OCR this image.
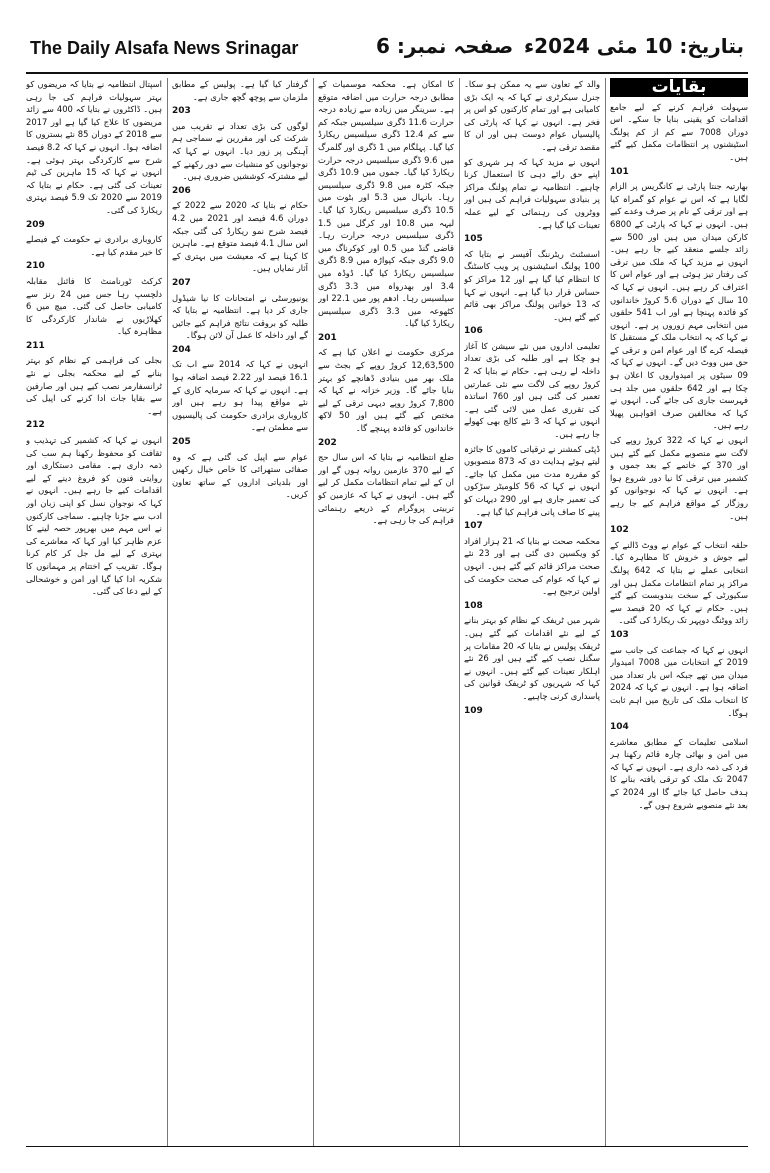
The Daily Alsafa News Srinagar	صفحہ نمبر: 6 بتاریخ: 10 مئی 2024ء
بقایات
سہولت فراہم کرنے کے لیے جامع اقدامات کو یقینی بنایا جا سکے۔ اس دوران 7008 سے کم از کم پولنگ اسٹیشنوں پر انتظامات مکمل کیے گئے ہیں۔
101
بھارتیہ جنتا پارٹی نے کانگریس پر الزام لگایا ہے کہ اس نے عوام کو گمراہ کیا ہے اور ترقی کے نام پر صرف وعدے کیے ہیں۔ انہوں نے کہا کہ پارٹی کے 6800 کارکن میدان میں ہیں اور 500 سے زائد جلسے منعقد کیے جا رہے ہیں۔ انہوں نے مزید کہا کہ ملک میں ترقی کی رفتار تیز ہوئی ہے اور عوام اس کا اعتراف کر رہے ہیں۔ انہوں نے کہا کہ 10 سال کے دوران 5.6 کروڑ خاندانوں کو فائدہ پہنچا ہے اور اب 541 حلقوں میں انتخابی مہم زوروں پر ہے۔ انہوں نے کہا کہ یہ انتخاب ملک کے مستقبل کا فیصلہ کرے گا اور عوام امن و ترقی کے حق میں ووٹ دیں گے۔ انہوں نے کہا کہ 09 سیٹوں پر امیدواروں کا اعلان ہو چکا ہے اور 642 حلقوں میں جلد ہی فہرست جاری کی جائے گی۔ انہوں نے کہا کہ مخالفین صرف افواہیں پھیلا رہے ہیں۔
انہوں نے کہا کہ 322 کروڑ روپے کی لاگت سے منصوبے مکمل کیے گئے ہیں اور 370 کے خاتمے کے بعد جموں و کشمیر میں ترقی کا نیا دور شروع ہوا ہے۔ انہوں نے کہا کہ نوجوانوں کو روزگار کے مواقع فراہم کیے جا رہے ہیں۔
102
حلقہ انتخاب کے عوام نے ووٹ ڈالنے کے لیے جوش و خروش کا مظاہرہ کیا۔ انتخابی عملے نے بتایا کہ 642 پولنگ مراکز پر تمام انتظامات مکمل ہیں اور سکیورٹی کے سخت بندوبست کیے گئے ہیں۔ حکام نے کہا کہ 20 فیصد سے زائد ووٹنگ دوپہر تک ریکارڈ کی گئی۔
103
انہوں نے کہا کہ جماعت کی جانب سے 2019 کے انتخابات میں 7008 امیدوار میدان میں تھے جبکہ اس بار تعداد میں اضافہ ہوا ہے۔ انہوں نے کہا کہ 2024 کا انتخاب ملک کی تاریخ میں اہم ثابت ہوگا۔
104
اسلامی تعلیمات کے مطابق معاشرے میں امن و بھائی چارہ قائم رکھنا ہر فرد کی ذمہ داری ہے۔ انہوں نے کہا کہ 2047 تک ملک کو ترقی یافتہ بنانے کا ہدف حاصل کیا جائے گا اور 2024 کے بعد نئے منصوبے شروع ہوں گے۔
والد کے تعاون سے یہ ممکن ہو سکا۔ جنرل سیکرٹری نے کہا کہ یہ ایک بڑی کامیابی ہے اور تمام کارکنوں کو اس پر فخر ہے۔ انہوں نے کہا کہ پارٹی کی پالیسیاں عوام دوست ہیں اور ان کا مقصد ترقی ہے۔
انہوں نے مزید کہا کہ ہر شہری کو اپنے حق رائے دہی کا استعمال کرنا چاہیے۔ انتظامیہ نے تمام پولنگ مراکز پر بنیادی سہولیات فراہم کی ہیں اور ووٹروں کی رہنمائی کے لیے عملہ تعینات کیا گیا ہے۔
105
اسسٹنٹ ریٹرننگ آفیسر نے بتایا کہ 100 پولنگ اسٹیشنوں پر ویب کاسٹنگ کا انتظام کیا گیا ہے اور 12 مراکز کو حساس قرار دیا گیا ہے۔ انہوں نے کہا کہ 13 خواتین پولنگ مراکز بھی قائم کیے گئے ہیں۔
106
تعلیمی اداروں میں نئے سیشن کا آغاز ہو چکا ہے اور طلبہ کی بڑی تعداد داخلہ لے رہی ہے۔ حکام نے بتایا کہ 2 کروڑ روپے کی لاگت سے نئی عمارتیں تعمیر کی گئی ہیں اور 760 اساتذہ کی تقرری عمل میں لائی گئی ہے۔ انہوں نے کہا کہ 3 نئے کالج بھی کھولے جا رہے ہیں۔
ڈپٹی کمشنر نے ترقیاتی کاموں کا جائزہ لیتے ہوئے ہدایت دی کہ 873 منصوبوں کو مقررہ مدت میں مکمل کیا جائے۔ انہوں نے کہا کہ 56 کلومیٹر سڑکوں کی تعمیر جاری ہے اور 290 دیہات کو پینے کا صاف پانی فراہم کیا گیا ہے۔
107
محکمہ صحت نے بتایا کہ 21 ہزار افراد کو ویکسین دی گئی ہے اور 23 نئے صحت مراکز قائم کیے گئے ہیں۔ انہوں نے کہا کہ عوام کی صحت حکومت کی اولین ترجیح ہے۔
108
شہر میں ٹریفک کے نظام کو بہتر بنانے کے لیے نئے اقدامات کیے گئے ہیں۔ ٹریفک پولیس نے بتایا کہ 20 مقامات پر سگنل نصب کیے گئے ہیں اور 26 نئے اہلکار تعینات کیے گئے ہیں۔ انہوں نے کہا کہ شہریوں کو ٹریفک قوانین کی پاسداری کرنی چاہیے۔
109
کا امکان ہے۔ محکمہ موسمیات کے مطابق درجہ حرارت میں اضافہ متوقع ہے۔ سرینگر میں زیادہ سے زیادہ درجہ حرارت 11.6 ڈگری سیلسیس جبکہ کم سے کم 12.4 ڈگری سیلسیس ریکارڈ کیا گیا۔ پہلگام میں 1 ڈگری اور گلمرگ میں 9.6 ڈگری سیلسیس درجہ حرارت ریکارڈ کیا گیا۔ جموں میں 10.9 ڈگری جبکہ کٹرہ میں 9.8 ڈگری سیلسیس رہا۔ بانہال میں 5.3 اور بٹوت میں 10.5 ڈگری سیلسیس ریکارڈ کیا گیا۔ لیہہ میں 10.8 اور کرگل میں 1.5 ڈگری سیلسیس درجہ حرارت رہا۔ قاضی گنڈ میں 0.5 اور کوکرناگ میں 9.0 ڈگری جبکہ کپواڑہ میں 8.9 ڈگری سیلسیس ریکارڈ کیا گیا۔ ڈوڈہ میں 3.4 اور بھدرواہ میں 3.3 ڈگری سیلسیس رہا۔ ادھم پور میں 22.1 اور کٹھوعہ میں 3.3 ڈگری سیلسیس ریکارڈ کیا گیا۔
201
مرکزی حکومت نے اعلان کیا ہے کہ 12,63,500 کروڑ روپے کے بجٹ سے ملک بھر میں بنیادی ڈھانچے کو بہتر بنایا جائے گا۔ وزیر خزانہ نے کہا کہ 7,800 کروڑ روپے دیہی ترقی کے لیے مختص کیے گئے ہیں اور 50 لاکھ خاندانوں کو فائدہ پہنچے گا۔
202
ضلع انتظامیہ نے بتایا کہ اس سال حج کے لیے 370 عازمین روانہ ہوں گے اور ان کے لیے تمام انتظامات مکمل کر لیے گئے ہیں۔ انہوں نے کہا کہ عازمین کو تربیتی پروگرام کے ذریعے رہنمائی فراہم کی جا رہی ہے۔
گرفتار کیا گیا ہے۔ پولیس کے مطابق ملزمان سے پوچھ گچھ جاری ہے۔
203
لوگوں کی بڑی تعداد نے تقریب میں شرکت کی اور مقررین نے سماجی ہم آہنگی پر زور دیا۔ انہوں نے کہا کہ نوجوانوں کو منشیات سے دور رکھنے کے لیے مشترکہ کوششیں ضروری ہیں۔
206
حکام نے بتایا کہ 2020 سے 2022 کے دوران 4.6 فیصد اور 2021 میں 4.2 فیصد شرح نمو ریکارڈ کی گئی جبکہ اس سال 4.1 فیصد متوقع ہے۔ ماہرین کا کہنا ہے کہ معیشت میں بہتری کے آثار نمایاں ہیں۔
207
یونیورسٹی نے امتحانات کا نیا شیڈول جاری کر دیا ہے۔ انتظامیہ نے بتایا کہ طلبہ کو بروقت نتائج فراہم کیے جائیں گے اور داخلہ کا عمل آن لائن ہوگا۔
204
انہوں نے کہا کہ 2014 سے اب تک 16.1 فیصد اور 2.22 فیصد اضافہ ہوا ہے۔ انہوں نے کہا کہ سرمایہ کاری کے نئے مواقع پیدا ہو رہے ہیں اور کاروباری برادری حکومت کی پالیسیوں سے مطمئن ہے۔
205
عوام سے اپیل کی گئی ہے کہ وہ صفائی ستھرائی کا خاص خیال رکھیں اور بلدیاتی اداروں کے ساتھ تعاون کریں۔
اسپتال انتظامیہ نے بتایا کہ مریضوں کو بہتر سہولیات فراہم کی جا رہی ہیں۔ ڈاکٹروں نے بتایا کہ 400 سے زائد مریضوں کا علاج کیا گیا ہے اور 2017 سے 2018 کے دوران 85 نئے بستروں کا اضافہ ہوا۔ انہوں نے کہا کہ 8.2 فیصد شرح سے کارکردگی بہتر ہوئی ہے۔ انہوں نے کہا کہ 15 ماہرین کی ٹیم تعینات کی گئی ہے۔ حکام نے بتایا کہ 2019 سے 2020 تک 5.9 فیصد بہتری ریکارڈ کی گئی۔
209
کاروباری برادری نے حکومت کے فیصلے کا خیر مقدم کیا ہے۔
210
کرکٹ ٹورنامنٹ کا فائنل مقابلہ دلچسپ رہا جس میں 24 رنز سے کامیابی حاصل کی گئی۔ میچ میں 6 کھلاڑیوں نے شاندار کارکردگی کا مظاہرہ کیا۔
211
بجلی کی فراہمی کے نظام کو بہتر بنانے کے لیے محکمہ بجلی نے نئے ٹرانسفارمر نصب کیے ہیں اور صارفین سے بقایا جات ادا کرنے کی اپیل کی ہے۔
212
انہوں نے کہا کہ کشمیر کی تہذیب و ثقافت کو محفوظ رکھنا ہم سب کی ذمہ داری ہے۔ مقامی دستکاری اور روایتی فنون کو فروغ دینے کے لیے اقدامات کیے جا رہے ہیں۔ انہوں نے کہا کہ نوجوان نسل کو اپنی زبان اور ادب سے جڑنا چاہیے۔ سماجی کارکنوں نے اس مہم میں بھرپور حصہ لینے کا عزم ظاہر کیا اور کہا کہ معاشرے کی بہتری کے لیے مل جل کر کام کرنا ہوگا۔ تقریب کے اختتام پر مہمانوں کا شکریہ ادا کیا گیا اور امن و خوشحالی کے لیے دعا کی گئی۔
